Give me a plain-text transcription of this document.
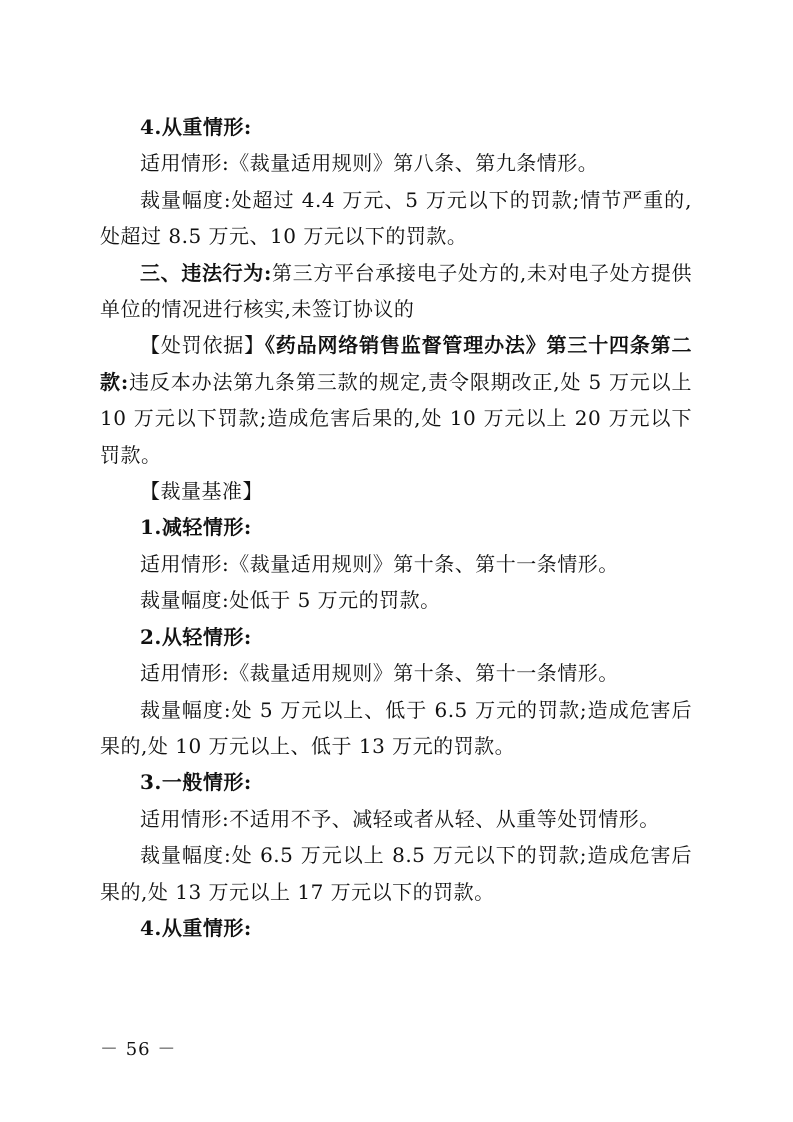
4.从重情形:

适用情形:《裁量适用规则》第八条、第九条情形。

裁量幅度:处超过 4.4 万元、5 万元以下的罚款;情节严重的,处超过 8.5 万元、10 万元以下的罚款。

三、违法行为:第三方平台承接电子处方的,未对电子处方提供单位的情况进行核实,未签订协议的

【处罚依据】《药品网络销售监督管理办法》第三十四条第二款:违反本办法第九条第三款的规定,责令限期改正,处 5 万元以上 10 万元以下罚款;造成危害后果的,处 10 万元以上 20 万元以下罚款。

【裁量基准】

1.减轻情形:

适用情形:《裁量适用规则》第十条、第十一条情形。

裁量幅度:处低于 5 万元的罚款。

2.从轻情形:

适用情形:《裁量适用规则》第十条、第十一条情形。

裁量幅度:处 5 万元以上、低于 6.5 万元的罚款;造成危害后果的,处 10 万元以上、低于 13 万元的罚款。

3.一般情形:

适用情形:不适用不予、减轻或者从轻、从重等处罚情形。

裁量幅度:处 6.5 万元以上 8.5 万元以下的罚款;造成危害后果的,处 13 万元以上 17 万元以下的罚款。

4.从重情形:

－ 56 －
